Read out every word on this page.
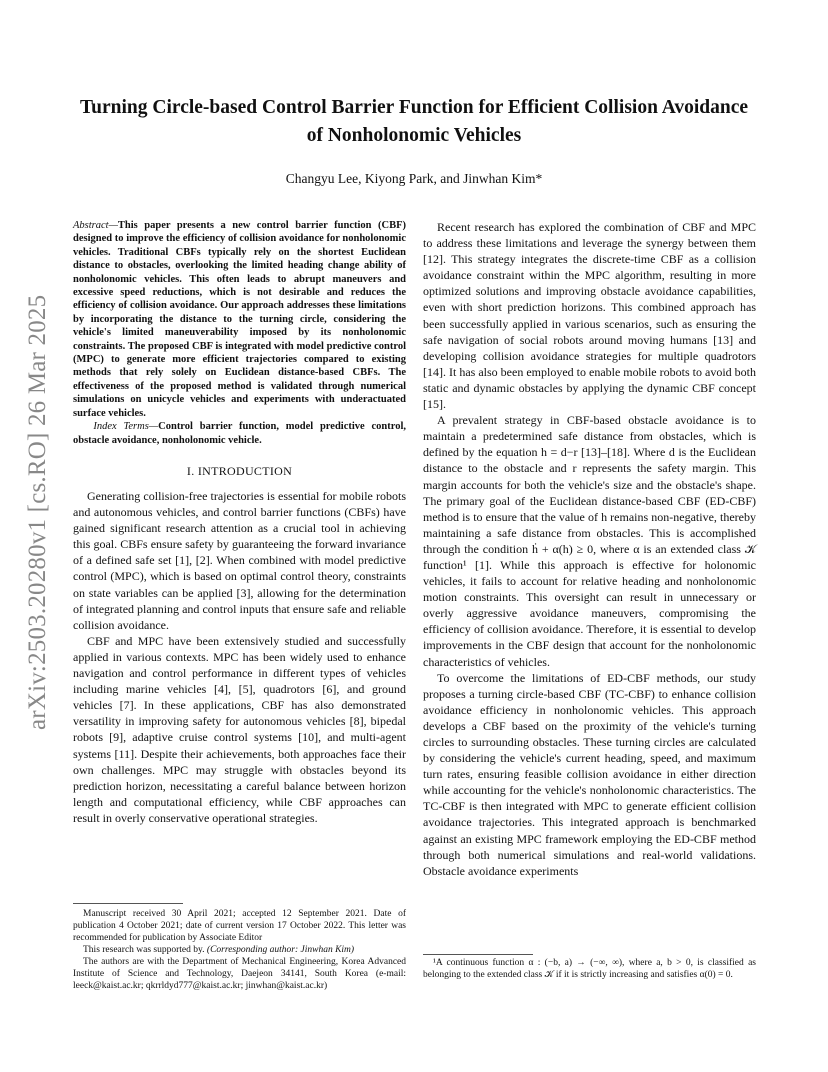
Turning Circle-based Control Barrier Function for Efficient Collision Avoidance of Nonholonomic Vehicles
Changyu Lee, Kiyong Park, and Jinwhan Kim*
arXiv:2503.20280v1 [cs.RO] 26 Mar 2025
Abstract—This paper presents a new control barrier function (CBF) designed to improve the efficiency of collision avoidance for nonholonomic vehicles. Traditional CBFs typically rely on the shortest Euclidean distance to obstacles, overlooking the limited heading change ability of nonholonomic vehicles. This often leads to abrupt maneuvers and excessive speed reductions, which is not desirable and reduces the efficiency of collision avoidance. Our approach addresses these limitations by incorporating the distance to the turning circle, considering the vehicle's limited maneuverability imposed by its nonholonomic constraints. The proposed CBF is integrated with model predictive control (MPC) to generate more efficient trajectories compared to existing methods that rely solely on Euclidean distance-based CBFs. The effectiveness of the proposed method is validated through numerical simulations on unicycle vehicles and experiments with underactuated surface vehicles.
Index Terms—Control barrier function, model predictive control, obstacle avoidance, nonholonomic vehicle.
I. INTRODUCTION

Generating collision-free trajectories is essential for mobile robots and autonomous vehicles, and control barrier functions (CBFs) have gained significant research attention as a crucial tool in achieving this goal. CBFs ensure safety by guaranteeing the forward invariance of a defined safe set [1], [2]. When combined with model predictive control (MPC), which is based on optimal control theory, constraints on state variables can be applied [3], allowing for the determination of integrated planning and control inputs that ensure safe and reliable collision avoidance.

CBF and MPC have been extensively studied and successfully applied in various contexts. MPC has been widely used to enhance navigation and control performance in different types of vehicles including marine vehicles [4], [5], quadrotors [6], and ground vehicles [7]. In these applications, CBF has also demonstrated versatility in improving safety for autonomous vehicles [8], bipedal robots [9], adaptive cruise control systems [10], and multi-agent systems [11]. Despite their achievements, both approaches face their own challenges. MPC may struggle with obstacles beyond its prediction horizon, necessitating a careful balance between horizon length and computational efficiency, while CBF approaches can result in overly conservative operational strategies.

Manuscript received 30 April 2021; accepted 12 September 2021. Date of publication 4 October 2021; date of current version 17 October 2022. This letter was recommended for publication by Associate Editor

This research was supported by. (Corresponding author: Jinwhan Kim)

The authors are with the Department of Mechanical Engineering, Korea Advanced Institute of Science and Technology, Daejeon 34141, South Korea (e-mail: leeck@kaist.ac.kr; qkrrldyd777@kaist.ac.kr; jinwhan@kaist.ac.kr)

Recent research has explored the combination of CBF and MPC to address these limitations and leverage the synergy between them [12]. This strategy integrates the discrete-time CBF as a collision avoidance constraint within the MPC algorithm, resulting in more optimized solutions and improving obstacle avoidance capabilities, even with short prediction horizons. This combined approach has been successfully applied in various scenarios, such as ensuring the safe navigation of social robots around moving humans [13] and developing collision avoidance strategies for multiple quadrotors [14]. It has also been employed to enable mobile robots to avoid both static and dynamic obstacles by applying the dynamic CBF concept [15].

A prevalent strategy in CBF-based obstacle avoidance is to maintain a predetermined safe distance from obstacles, which is defined by the equation h = d−r [13]–[18]. Where d is the Euclidean distance to the obstacle and r represents the safety margin. This margin accounts for both the vehicle's size and the obstacle's shape. The primary goal of the Euclidean distance-based CBF (ED-CBF) method is to ensure that the value of h remains non-negative, thereby maintaining a safe distance from obstacles. This is accomplished through the condition ḣ + α(h) ≥ 0, where α is an extended class 𝒦 function¹ [1]. While this approach is effective for holonomic vehicles, it fails to account for relative heading and nonholonomic motion constraints. This oversight can result in unnecessary or overly aggressive avoidance maneuvers, compromising the efficiency of collision avoidance. Therefore, it is essential to develop improvements in the CBF design that account for the nonholonomic characteristics of vehicles.

To overcome the limitations of ED-CBF methods, our study proposes a turning circle-based CBF (TC-CBF) to enhance collision avoidance efficiency in nonholonomic vehicles. This approach develops a CBF based on the proximity of the vehicle's turning circles to surrounding obstacles. These turning circles are calculated by considering the vehicle's current heading, speed, and maximum turn rates, ensuring feasible collision avoidance in either direction while accounting for the vehicle's nonholonomic characteristics. The TC-CBF is then integrated with MPC to generate efficient collision avoidance trajectories. This integrated approach is benchmarked against an existing MPC framework employing the ED-CBF method through both numerical simulations and real-world validations. Obstacle avoidance experiments

¹A continuous function α : (−b, a) → (−∞, ∞), where a, b > 0, is classified as belonging to the extended class 𝒦 if it is strictly increasing and satisfies α(0) = 0.
